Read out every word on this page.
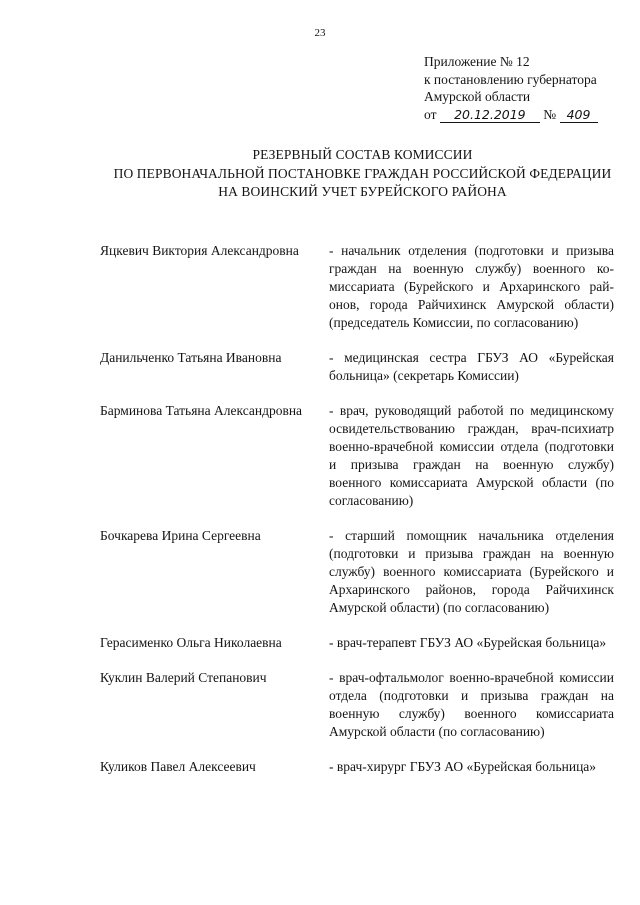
23
Приложение № 12
к постановлению губернатора
Амурской области
от 20.12.2019 № 409
РЕЗЕРВНЫЙ СОСТАВ КОМИССИИ
ПО ПЕРВОНАЧАЛЬНОЙ ПОСТАНОВКЕ ГРАЖДАН РОССИЙСКОЙ ФЕДЕРАЦИИ
НА ВОИНСКИЙ УЧЕТ БУРЕЙСКОГО РАЙОНА
Яцкевич Виктория Александровна	- начальник отделения (подготовки и призыва граждан на военную службу) военного комиссариата (Бурейского и Архаринского районов, города Райчихинск Амурской области) (председатель Комиссии, по согласованию)
Данильченко Татьяна Ивановна	- медицинская сестра ГБУЗ АО «Бурейская больница» (секретарь Комиссии)
Барминова Татьяна Александровна	- врач, руководящий работой по медицинскому освидетельствованию граждан, врач-психиатр военно-врачебной комиссии отдела (подготовки и призыва граждан на военную службу) военного комиссариата Амурской области (по согласованию)
Бочкарева Ирина Сергеевна	- старший помощник начальника отделения (подготовки и призыва граждан на военную службу) военного комиссариата (Бурейского и Архаринского районов, города Райчихинск Амурской области) (по согласованию)
Герасименко Ольга Николаевна	- врач-терапевт ГБУЗ АО «Бурейская больница»
Куклин Валерий Степанович	- врач-офтальмолог военно-врачебной комиссии отдела (подготовки и призыва граждан на военную службу) военного комиссариата Амурской области (по согласованию)
Куликов Павел Алексеевич	- врач-хирург ГБУЗ АО «Бурейская больница»
